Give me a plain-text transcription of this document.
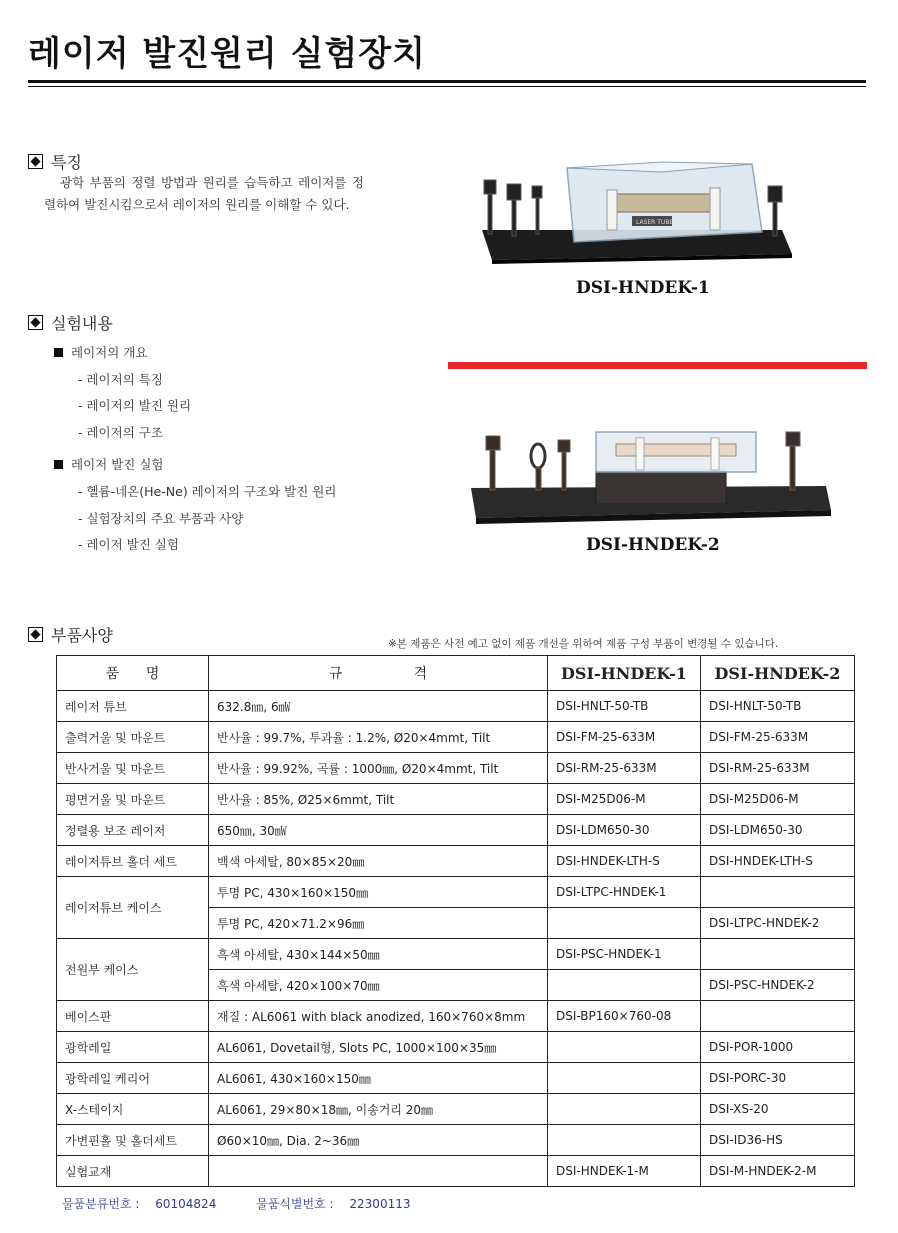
레이저 발진원리 실험장치
특징
광학 부품의 정렬 방법과 원리를 습득하고 레이저를 정렬하여 발진시킴으로서 레이저의 원리를 이해할 수 있다.
실험내용
레이저의 개요
- 레이저의 특징
- 레이저의 발진 원리
- 레이저의 구조
레이저 발진 실험
- 헬륨-네온(He-Ne) 레이저의 구조와 발진 원리
- 실험장치의 주요 부품과 사양
- 레이저 발진 실험
LASER TUBE
DSI-HNDEK-1
DSI-HNDEK-2
부품사양	※본 제품은 사전 예고 없이 제품 개선을 위하여 제품 구성 부품이 변경될 수 있습니다.
품      명	규                격	DSI-HNDEK-1	DSI-HNDEK-2
레이저 튜브	632.8㎚, 6㎽	DSI-HNLT-50-TB	DSI-HNLT-50-TB
출력거울 및 마운트	반사율 : 99.7%, 투과율 : 1.2%, Ø20×4mmt, Tilt	DSI-FM-25-633M	DSI-FM-25-633M
반사거울 및 마운트	반사율 : 99.92%, 곡률 : 1000㎜, Ø20×4mmt, Tilt	DSI-RM-25-633M	DSI-RM-25-633M
평면거울 및 마운트	반사율 : 85%, Ø25×6mmt, Tilt	DSI-M25D06-M	DSI-M25D06-M
정렬용 보조 레이저	650㎚, 30㎽	DSI-LDM650-30	DSI-LDM650-30
레이저튜브 홀더 세트	백색 아세탈, 80×85×20㎜	DSI-HNDEK-LTH-S	DSI-HNDEK-LTH-S
레이저튜브 케이스	투명 PC, 430×160×150㎜	DSI-LTPC-HNDEK-1	
	투명 PC, 420×71.2×96㎜		DSI-LTPC-HNDEK-2
전원부 케이스	흑색 아세탈, 430×144×50㎜	DSI-PSC-HNDEK-1	
	흑색 아세탈, 420×100×70㎜		DSI-PSC-HNDEK-2
베이스판	재질 : AL6061 with black anodized, 160×760×8mm	DSI-BP160×760-08	
광학레일	AL6061, Dovetail형, Slots PC, 1000×100×35㎜		DSI-POR-1000
광학레일 케리어	AL6061, 430×160×150㎜		DSI-PORC-30
X-스테이지	AL6061, 29×80×18㎜, 이송거리 20㎜		DSI-XS-20
가변핀홀 및 홀더세트	Ø60×10㎜, Dia. 2~36㎜		DSI-ID36-HS
실험교재		DSI-HNDEK-1-M	DSI-M-HNDEK-2-M
물품분류번호 : 60104824	물품식별번호 : 22300113
